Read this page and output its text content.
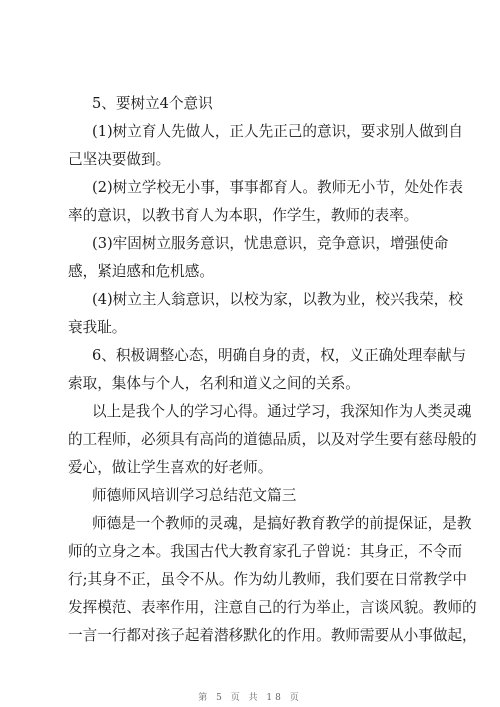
5、要树立4个意识

(1)树立育人先做人，正人先正己的意识，要求别人做到自
己坚决要做到。

(2)树立学校无小事，事事都育人。教师无小节，处处作表
率的意识，以教书育人为本职，作学生，教师的表率。

(3)牢固树立服务意识，忧患意识，竞争意识，增强使命
感，紧迫感和危机感。

(4)树立主人翁意识，以校为家，以教为业，校兴我荣，校
衰我耻。

6、积极调整心态，明确自身的责，权，义正确处理奉献与
索取，集体与个人，名利和道义之间的关系。

以上是我个人的学习心得。通过学习，我深知作为人类灵魂
的工程师，必须具有高尚的道德品质，以及对学生要有慈母般的
爱心，做让学生喜欢的好老师。

师德师风培训学习总结范文篇三

师德是一个教师的灵魂，是搞好教育教学的前提保证，是教
师的立身之本。我国古代大教育家孔子曾说：其身正，不令而
行;其身不正，虽令不从。作为幼儿教师，我们要在日常教学中
发挥模范、表率作用，注意自己的行为举止，言谈风貌。教师的
一言一行都对孩子起着潜移默化的作用。教师需要从小事做起，

第 5 页 共 18 页
